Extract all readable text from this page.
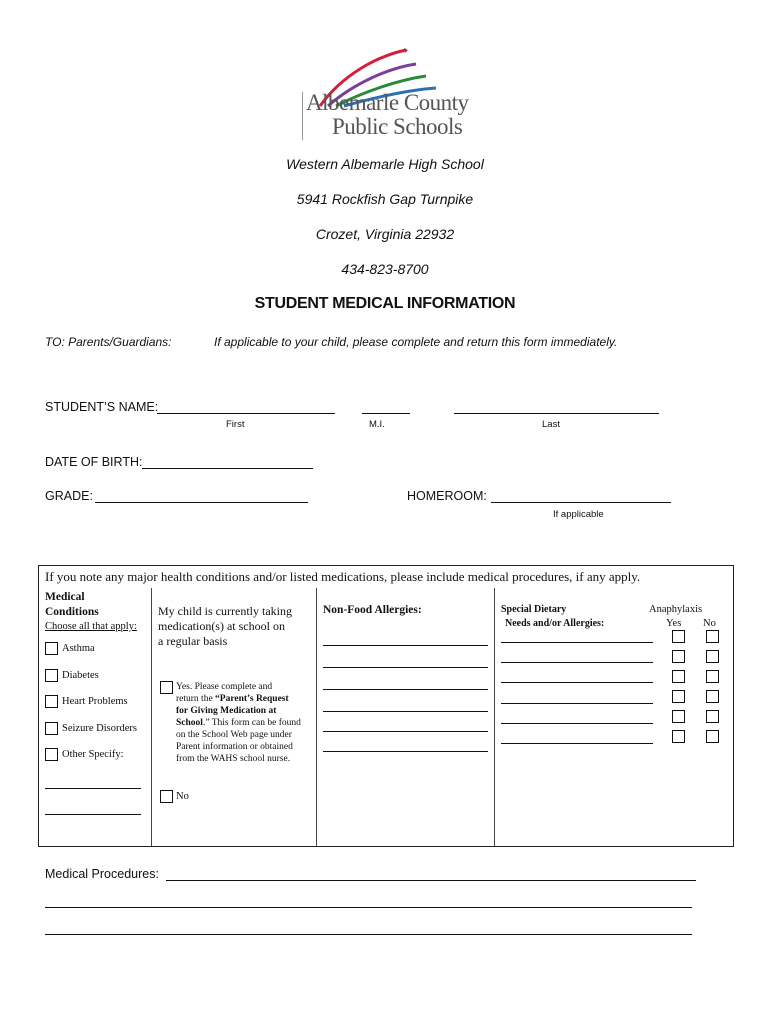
Albemarle County
Public Schools
Western Albemarle High School
5941 Rockfish Gap Turnpike
Crozet, Virginia 22932
434-823-8700
STUDENT MEDICAL INFORMATION
TO: Parents/Guardians:	If applicable to your child, please complete and return this form immediately.
STUDENT’S NAME:
First	M.I.	Last
DATE OF BIRTH:
GRADE:	HOMEROOM:
If applicable
If you note any major health conditions and/or listed medications, please include medical procedures, if any apply.
Medical
Conditions
Choose all that apply:
Asthma
Diabetes
Heart Problems
Seizure Disorders
Other Specify:
My child is currently taking
medication(s) at school on
a regular basis
Yes. Please complete and
return the “Parent’s Request
for Giving Medication at
School.” This form can be found
on the School Web page under
Parent information or obtained
from the WAHS school nurse.
No
Non-Food Allergies:	Special Dietary
Needs and/or Allergies:
Anaphylaxis
Yes No
Medical Procedures:
